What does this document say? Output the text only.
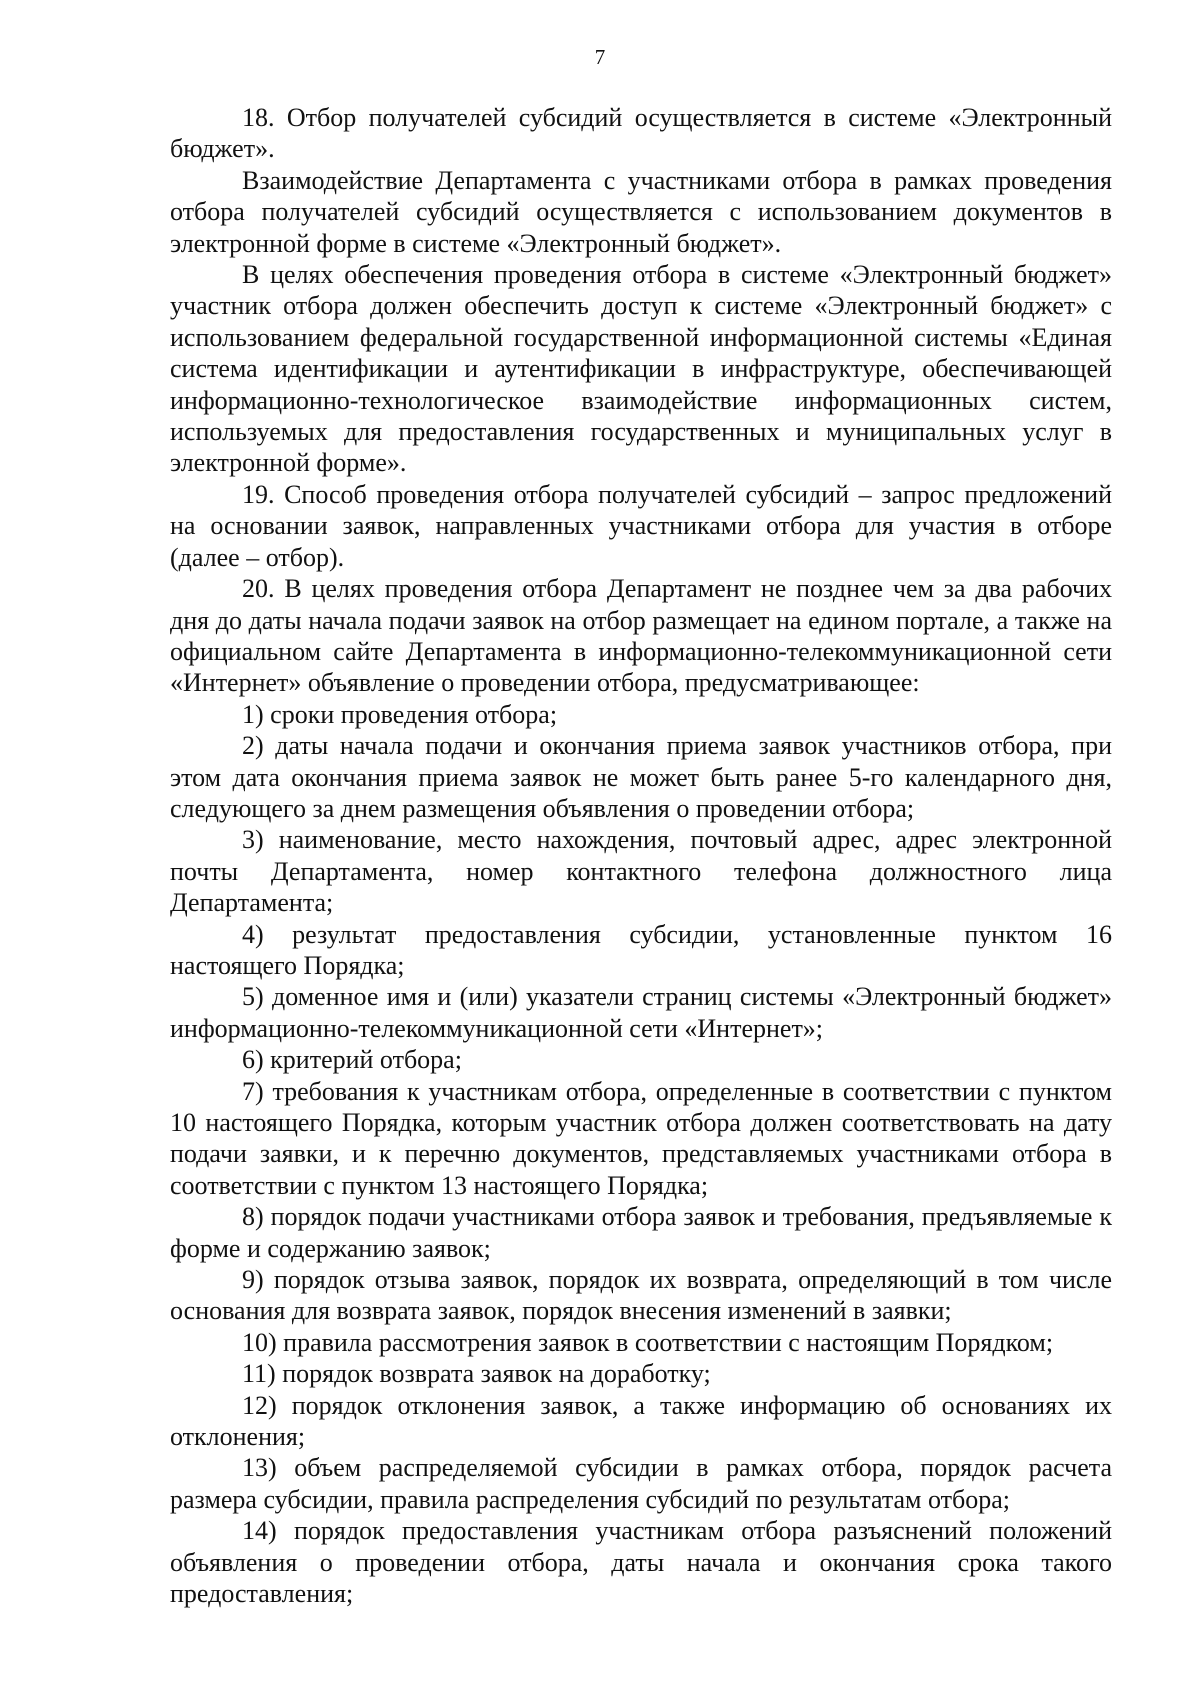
7

18. Отбор получателей субсидий осуществляется в системе «Электронный бюджет».

Взаимодействие Департамента с участниками отбора в рамках проведения отбора получателей субсидий осуществляется с использованием документов в электронной форме в системе «Электронный бюджет».

В целях обеспечения проведения отбора в системе «Электронный бюджет» участник отбора должен обеспечить доступ к системе «Электронный бюджет» с использованием федеральной государственной информационной системы «Единая система идентификации и аутентификации в инфраструктуре, обеспечивающей информационно-технологическое взаимодействие информационных систем, используемых для предоставления государственных и муниципальных услуг в электронной форме».

19. Способ проведения отбора получателей субсидий – запрос предложений на основании заявок, направленных участниками отбора для участия в отборе (далее – отбор).

20. В целях проведения отбора Департамент не позднее чем за два рабочих дня до даты начала подачи заявок на отбор размещает на едином портале, а также на официальном сайте Департамента в информационно-телекоммуникационной сети «Интернет» объявление о проведении отбора, предусматривающее:

1) сроки проведения отбора;

2) даты начала подачи и окончания приема заявок участников отбора, при этом дата окончания приема заявок не может быть ранее 5-го календарного дня, следующего за днем размещения объявления о проведении отбора;

3) наименование, место нахождения, почтовый адрес, адрес электронной почты Департамента, номер контактного телефона должностного лица Департамента;

4) результат предоставления субсидии, установленные пунктом 16 настоящего Порядка;

5) доменное имя и (или) указатели страниц системы «Электронный бюджет» информационно-телекоммуникационной сети «Интернет»;

6) критерий отбора;

7) требования к участникам отбора, определенные в соответствии с пунктом 10 настоящего Порядка, которым участник отбора должен соответствовать на дату подачи заявки, и к перечню документов, представляемых участниками отбора в соответствии с пунктом 13 настоящего Порядка;

8) порядок подачи участниками отбора заявок и требования, предъявляемые к форме и содержанию заявок;

9) порядок отзыва заявок, порядок их возврата, определяющий в том числе основания для возврата заявок, порядок внесения изменений в заявки;

10) правила рассмотрения заявок в соответствии с настоящим Порядком;

11) порядок возврата заявок на доработку;

12) порядок отклонения заявок, а также информацию об основаниях их отклонения;

13) объем распределяемой субсидии в рамках отбора, порядок расчета размера субсидии, правила распределения субсидий по результатам отбора;

14) порядок предоставления участникам отбора разъяснений положений объявления о проведении отбора, даты начала и окончания срока такого предоставления;
